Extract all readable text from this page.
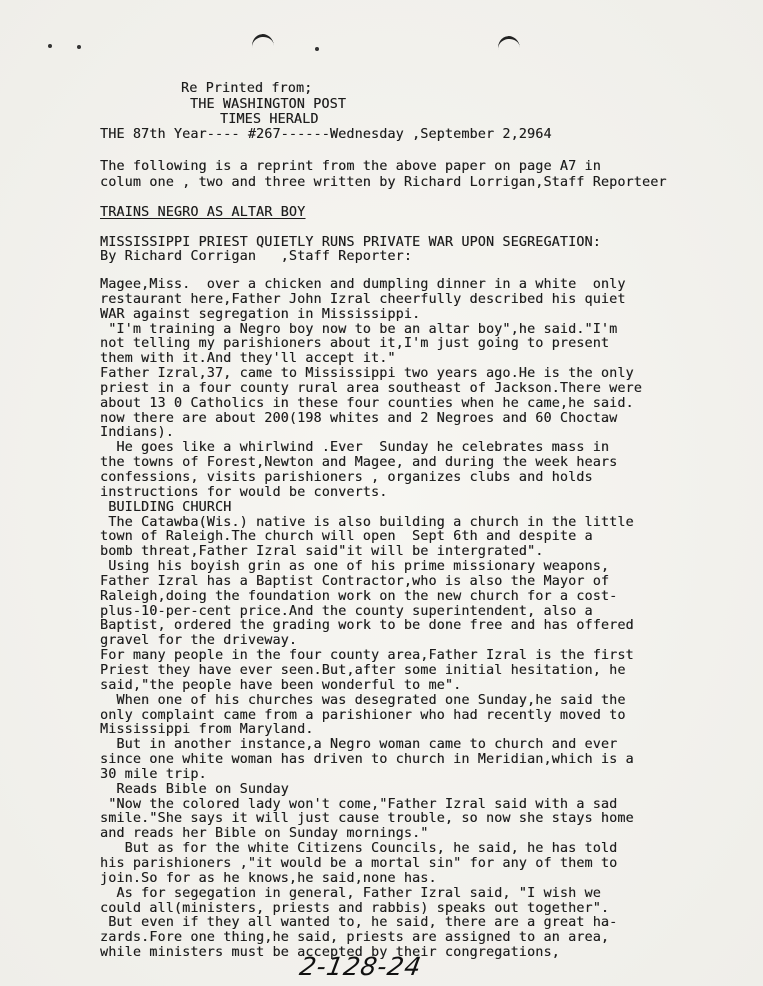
Re Printed from;
THE WASHINGTON POST
TIMES HERALD
THE 87th Year---- #267------Wednesday ,September 2,2964
The following is a reprint from the above paper on page A7 in
colum one , two and three written by Richard Lorrigan,Staff Reporteer
TRAINS NEGRO AS ALTAR BOY
MISSISSIPPI PRIEST QUIETLY RUNS PRIVATE WAR UPON SEGREGATION:
By Richard Corrigan   ,Staff Reporter:
Magee,Miss.  over a chicken and dumpling dinner in a white  only
restaurant here,Father John Izral cheerfully described his quiet
WAR against segregation in Mississippi.
"I'm training a Negro boy now to be an altar boy",he said."I'm
not telling my parishioners about it,I'm just going to present
them with it.And they'll accept it."
Father Izral,37, came to Mississippi two years ago.He is the only
priest in a four county rural area southeast of Jackson.There were
about 13 0 Catholics in these four counties when he came,he said.
now there are about 200(198 whites and 2 Negroes and 60 Choctaw
Indians).
He goes like a whirlwind .Ever  Sunday he celebrates mass in
the towns of Forest,Newton and Magee, and during the week hears
confessions, visits parishioners , organizes clubs and holds
instructions for would be converts.
BUILDING CHURCH
The Catawba(Wis.) native is also building a church in the little
town of Raleigh.The church will open  Sept 6th and despite a
bomb threat,Father Izral said"it will be intergrated".
Using his boyish grin as one of his prime missionary weapons,
Father Izral has a Baptist Contractor,who is also the Mayor of
Raleigh,doing the foundation work on the new church for a cost-
plus-10-per-cent price.And the county superintendent, also a
Baptist, ordered the grading work to be done free and has offered
gravel for the driveway.
For many people in the four county area,Father Izral is the first
Priest they have ever seen.But,after some initial hesitation, he
said,"the people have been wonderful to me".
When one of his churches was desegrated one Sunday,he said the
only complaint came from a parishioner who had recently moved to
Mississippi from Maryland.
But in another instance,a Negro woman came to church and ever
since one white woman has driven to church in Meridian,which is a
30 mile trip.
Reads Bible on Sunday
"Now the colored lady won't come,"Father Izral said with a sad
smile."She says it will just cause trouble, so now she stays home
and reads her Bible on Sunday mornings."
But as for the white Citizens Councils, he said, he has told
his parishioners ,"it would be a mortal sin" for any of them to
join.So for as he knows,he said,none has.
As for segegation in general, Father Izral said, "I wish we
could all(ministers, priests and rabbis) speaks out together".
But even if they all wanted to, he said, there are a great ha-
zards.Fore one thing,he said, priests are assigned to an area,
while ministers must be accepted by their congregations,
2-128-24
